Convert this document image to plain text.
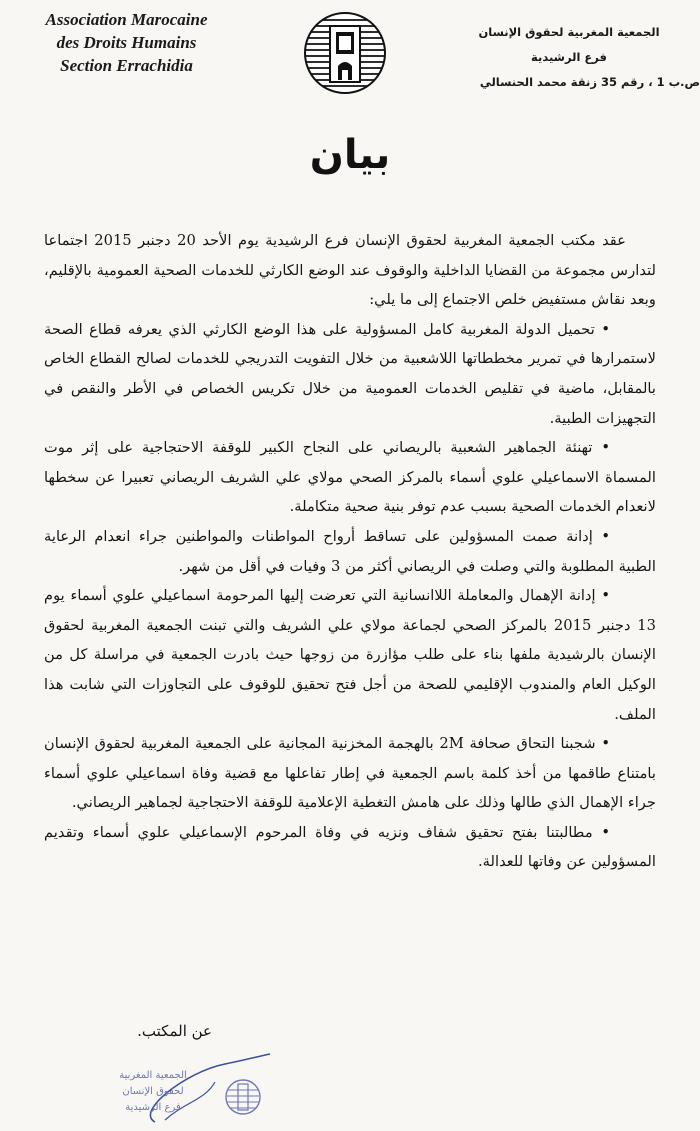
Association Marocaine
des Droits Humains
Section Errachidia
الجمعية المغربية لحقوق الإنسان
فرع الرشيدية
ص.ب 1 ، رقم 35 زنقة محمد الحنسالي
بيان

عقد مكتب الجمعية المغربية لحقوق الإنسان فرع الرشيدية يوم الأحد 20 دجنبر 2015 اجتماعا لتدارس مجموعة من القضايا الداخلية والوقوف عند الوضع الكارثي للخدمات الصحية العمومية بالإقليم، وبعد نقاش مستفيض خلص الاجتماع إلى ما يلي:

• تحميل الدولة المغربية كامل المسؤولية على هذا الوضع الكارثي الذي يعرفه قطاع الصحة لاستمرارها في تمرير مخططاتها اللاشعبية من خلال التفويت التدريجي للخدمات لصالح القطاع الخاص بالمقابل، ماضية في تقليص الخدمات العمومية من خلال تكريس الخصاص في الأطر والنقص في التجهيزات الطبية.

• تهنئة الجماهير الشعبية بالريصاني على النجاح الكبير للوقفة الاحتجاجية على إثر موت المسماة الاسماعيلي علوي أسماء بالمركز الصحي مولاي علي الشريف الريصاني تعبيرا عن سخطها لانعدام الخدمات الصحية بسبب عدم توفر بنية صحية متكاملة.

• إدانة صمت المسؤولين على تساقط أرواح المواطنات والمواطنين جراء انعدام الرعاية الطبية المطلوبة والتي وصلت في الريصاني أكثر من 3 وفيات في أقل من شهر.

• إدانة الإهمال والمعاملة اللاانسانية التي تعرضت إليها المرحومة اسماعيلي علوي أسماء يوم 13 دجنبر 2015 بالمركز الصحي لجماعة مولاي علي الشريف والتي تبنت الجمعية المغربية لحقوق الإنسان بالرشيدية ملفها بناء على طلب مؤازرة من زوجها حيث بادرت الجمعية في مراسلة كل من الوكيل العام والمندوب الإقليمي للصحة من أجل فتح تحقيق للوقوف على التجاوزات التي شابت هذا الملف.

• شجبنا التحاق صحافة 2M بالهجمة المخزنية المجانية على الجمعية المغربية لحقوق الإنسان بامتناع طاقمها من أخذ كلمة باسم الجمعية في إطار تفاعلها مع قضية وفاة اسماعيلي علوي أسماء جراء الإهمال الذي طالها وذلك على هامش التغطية الإعلامية للوقفة الاحتجاجية لجماهير الريصاني.

• مطالبتنا بفتح تحقيق شفاف ونزيه في وفاة المرحوم الإسماعيلي علوي أسماء وتقديم المسؤولين عن وفاتها للعدالة.

عن المكتب.
الجمعية المغربية
لحقوق الإنسان
فرع الرشيدية
